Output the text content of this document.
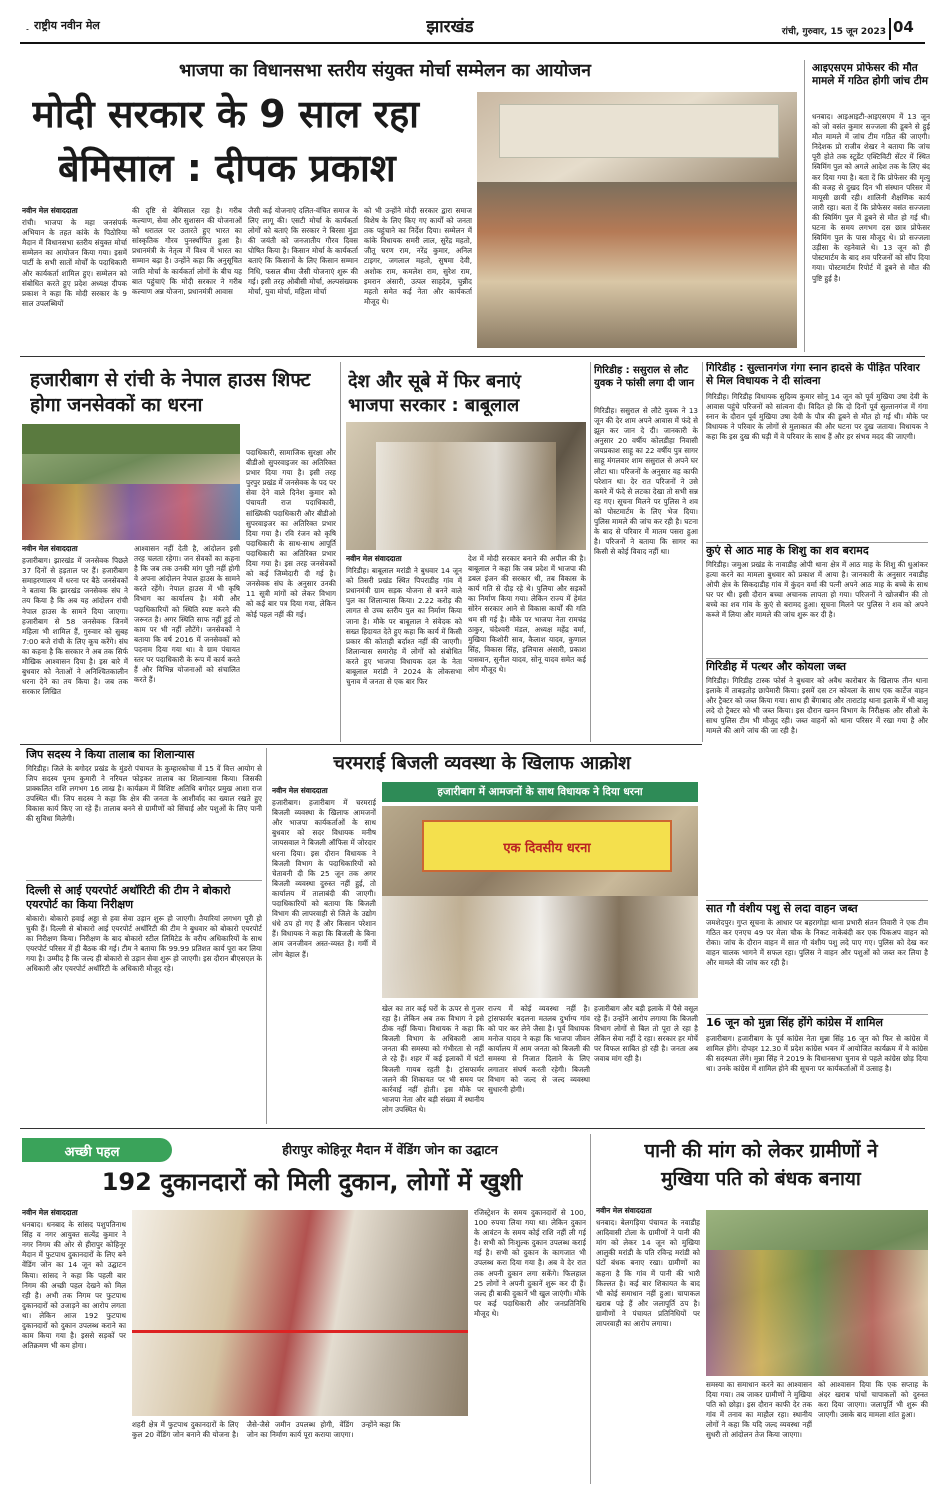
राष्ट्रीय नवीन मेल	झारखंड	रांची, गुरुवार, 15 जून 2023 04
भाजपा का विधानसभा स्तरीय संयुक्त मोर्चा सम्मेलन का आयोजन
मोदी सरकार के 9 साल रहा
बेमिसाल : दीपक प्रकाश
नवीन मेल संवाददाता
रांची। भाजपा के महा जनसंपर्क अभियान के तहत कांके के पिठोरिया मैदान में विधानसभा स्तरीय संयुक्त मोर्चा सम्मेलन का आयोजन किया गया। इसमें पार्टी के सभी सातों मोर्चों के पदाधिकारी और कार्यकर्ता शामिल हुए। सम्मेलन को संबोधित करते हुए प्रदेश अध्यक्ष दीपक प्रकाश ने कहा कि मोदी सरकार के 9 साल उपलब्धियों
की दृष्टि से बेमिसाल रहा है। गरीब कल्याण, सेवा और सुशासन की योजनाओं को धरातल पर उतारते हुए भारत का सांस्कृतिक गौरव पुनर्स्थापित हुआ है। प्रधानमंत्री के नेतृत्व में विश्व में भारत का सम्मान बढ़ा है। उन्होंने कहा कि अनुसूचित जाति मोर्चा के कार्यकर्ता लोगों के बीच यह बात पहुंचाएं कि मोदी सरकार ने गरीब कल्याण अन्न योजना, प्रधानमंत्री आवास
जैसी कई योजनाएं दलित-वंचित समाज के लिए लागू की। एसटी मोर्चा के कार्यकर्ता लोगों को बताएं कि सरकार ने बिरसा मुंडा की जयंती को जनजातीय गौरव दिवस घोषित किया है। किसान मोर्चा के कार्यकर्ता बताएं कि किसानों के लिए किसान सम्मान निधि, फसल बीमा जैसी योजनाएं शुरू की गई। इसी तरह ओबीसी मोर्चा, अल्पसंख्यक मोर्चा, युवा मोर्चा, महिला मोर्चा
को भी उन्होंने मोदी सरकार द्वारा समाज विशेष के लिए किए गए कार्यों को जनता तक पहुंचाने का निर्देश दिया। सम्मेलन में कांके विधायक समरी लाल, सुरेंद्र महतो, जीतू चरण राम, नरेंद्र कुमार, अनिल टाइगर, जगलाल महतो, सुषमा देवी, अशोक राम, कमलेश राम, सुरेश राम, इमरान अंसारी, उत्पल साहदेव, चुन्नीद महतो समेत कई नेता और कार्यकर्ता मौजूद थे।
आइएसएम प्रोफेसर की मौत मामले में गठित होगी जांच टीम
धनबाद। आइआइटी-आइएसएम में 13 जून को जो वसंत कुमार सज्जला की डूबने से हुई मौत मामले में जांच टीम गठित की जाएगी। निदेशक प्रो राजीव शेखर ने बताया कि जांच पूरी होते तक स्टूडेंट एक्टिविटी सेंटर में स्थित स्विमिंग पुल को अगले आदेश तक के लिए बंद कर दिया गया है। बता दें कि प्रोफेसर की मृत्यु की वजह से दुखद दिन भी संस्थान परिसर में मायूसी छायी रही। शालिनी शैक्षणिक कार्य जारी रहा। बता दें कि प्रोफेसर वसंत सज्जला की स्विमिंग पुल में डूबने से मौत हो गई थी। घटना के समय लगभग दस छात्र प्रोफेसर स्विमिंग पुल के पास मौजूद थे। प्रो सज्जला उड़ीसा के रहनेवाले थे। 13 जून को ही पोस्टमार्टम के बाद शव परिजनों को सौंप दिया गया। पोस्टमार्टम रिपोर्ट में डूबने से मौत की पुष्टि हुई है।
हजारीबाग से रांची के नेपाल हाउस शिफ्ट होगा जनसेवकों का धरना
नवीन मेल संवाददाता
हजारीबाग। झारखंड में जनसेवक पिछले 37 दिनों से हड़ताल पर हैं। हजारीबाग समाहरणालय में धरना पर बैठे जनसेवकों ने बताया कि झारखंड जनसेवक संघ ने तय किया है कि अब यह आंदोलन रांची नेपाल हाउस के सामने दिया जाएगा। हजारीबाग से 58 जनसेवक जिनमें महिला भी शामिल हैं, गुरुवार को सुबह 7:00 बजे रांची के लिए कूच करेंगे। संघ का कहना है कि सरकार ने अब तक सिर्फ मौखिक आश्वासन दिया है। इस बारे में बुधवार को नेताओं ने अनिश्चितकालीन धरना देने का तय किया है। जब तक सरकार लिखित
आश्वासन नहीं देती है, आंदोलन इसी तरह चलता रहेगा। जन सेवकों का कहना है कि जब तक उनकी मांग पूरी नहीं होगी वे अपना आंदोलन नेपाल हाउस के सामने करते रहेंगे। नेपाल हाउस में भी कृषि विभाग का कार्यालय है। मंत्री और पदाधिकारियों को स्थिति स्पष्ट करने की जरूरत है। अगर स्थिति साफ नहीं हुई तो काम पर भी नहीं लौटेंगे। जनसेवकों ने बताया कि वर्ष 2016 में जनसेवकों को पदनाम दिया गया था। वे ग्राम पंचायत स्तर पर पदाधिकारी के रूप में कार्य करते हैं और विभिन्न योजनाओं को संचालित करते हैं।
पदाधिकारी, सामाजिक सुरक्षा और बीडीओ सुपरवाइजर का अतिरिक्त प्रभार दिया गया है। इसी तरह पुरपुर प्रखंड में जनसेवक के पद पर सेवा देने वाले दिनेश कुमार को पंचायती राज पदाधिकारी, सांख्यिकी पदाधिकारी और बीडीओ सुपरवाइजर का अतिरिक्त प्रभार दिया गया है। रवि रंजन को कृषि पदाधिकारी के साथ-साथ आपूर्ति पदाधिकारी का अतिरिक्त प्रभार दिया गया है। इस तरह जनसेवकों को कई जिम्मेदारी दी गई है। जनसेवक संघ के अनुसार उनकी 11 सूत्री मांगों को लेकर विभाग को कई बार पत्र दिया गया, लेकिन कोई पहल नहीं की गई।
देश और सूबे में फिर बनाएं
भाजपा सरकार : बाबूलाल
नवीन मेल संवाददाता
गिरिडीह। बाबूलाल मरांडी ने बुधवार 14 जून को तिसरी प्रखंड स्थित पिपराडीह गांव में प्रधानमंत्री ग्राम सड़क योजना से बनने वाले पुल का शिलान्यास किया। 2.22 करोड़ की लागत से उच्च स्तरीय पुल का निर्माण किया जाना है। मौके पर बाबूलाल ने संवेदक को सख्त हिदायत देते हुए कहा कि कार्य में किसी प्रकार की कोताही बर्दाश्त नहीं की जाएगी। शिलान्यास समारोह में लोगों को संबोधित करते हुए भाजपा विधायक दल के नेता बाबूलाल मरांडी ने 2024 के लोकसभा चुनाव में जनता से एक बार फिर
देश में मोदी सरकार बनाने की अपील की है। बाबूलाल ने कहा कि जब प्रदेश में भाजपा की डबल इंजन की सरकार थी, तब विकास के कार्य गति से दौड़ रहे थे। पुलिया और सड़कों का निर्माण किया गया। लेकिन राज्य में हेमंत सोरेन सरकार आने से विकास कार्यों की गति थम सी गई है। मौके पर भाजपा नेता रामचंद्र ठाकुर, चंदेश्वरी मंडल, अध्यक्ष महेंद्र वर्मा, मुखिया किशोरी साव, कैलाश यादव, कुणाल सिंह, विकास सिंह, इलियास अंसारी, प्रकाश पासवान, सुनील यादव, सोनू यादव समेत कई लोग मौजूद थे।
गिरिडीह : ससुराल से लौट युवक ने फांसी लगा दी जान
गिरिडीह। ससुराल से लौटे युवक ने 13 जून की देर शाम अपने आवास में फंदे से झूल कर जान दे दी। जानकारी के अनुसार 20 वर्षीय कोलडीहा निवासी जयप्रकाश साहू का 22 वर्षीय पुत्र सागर साहू मंगलवार शाम ससुराल से अपने घर लौटा था। परिजनों के अनुसार वह काफी परेशान था। देर रात परिजनों ने उसे कमरे में फंदे से लटका देखा तो सभी सन्न रह गए। सूचना मिलने पर पुलिस ने शव को पोस्टमार्टम के लिए भेज दिया। पुलिस मामले की जांच कर रही है। घटना के बाद से परिवार में मातम पसरा हुआ है। परिजनों ने बताया कि सागर का किसी से कोई विवाद नहीं था।
गिरिडीह : सुल्तानगंज गंगा स्नान हादसे के पीड़ित परिवार से मिल विधायक ने दी सांत्वना
गिरिडीह। गिरिडीह विधायक सुदिव्य कुमार सोनू 14 जून को पूर्व मुखिया उषा देवी के आवास पहुंचे परिजनों को सांत्वना दी। विदित हो कि दो दिनों पूर्व सुल्तानगंज में गंगा स्नान के दौरान पूर्व मुखिया उषा देवी के पौत्र की डूबने से मौत हो गई थी। मौके पर विधायक ने परिवार के लोगों से मुलाकात की और घटना पर दुख जताया। विधायक ने कहा कि इस दुख की घड़ी में वे परिवार के साथ हैं और हर संभव मदद की जाएगी।
कुएं से आठ माह के शिशु का शव बरामद
गिरिडीह। जमुआ प्रखंड के नावाडीह ओपी थाना क्षेत्र में आठ माह के शिशु की धुआंकर हत्या करने का मामला बुधवार को प्रकाश में आया है। जानकारी के अनुसार नवाडीह ओपी क्षेत्र के सिकदाडीह गांव में कुंदन वर्मा की पत्नी अपने आठ माह के बच्चे के साथ घर पर थी। इसी दौरान बच्चा अचानक लापता हो गया। परिजनों ने खोजबीन की तो बच्चे का शव गांव के कुएं से बरामद हुआ। सूचना मिलने पर पुलिस ने शव को अपने कब्जे में लिया और मामले की जांच शुरू कर दी है।
गिरिडीह में पत्थर और कोयला जब्त
गिरिडीह। गिरिडीह टास्क फोर्स ने बुधवार को अवैध कारोबार के खिलाफ तीन थाना इलाके में ताबड़तोड़ छापेमारी किया। इसमें दस टन कोयला के साथ एक कार्टेज वाहन और ट्रैक्टर को जब्त किया गया। साथ ही बेंगाबाद और ताराटांड़ थाना इलाके में भी बालू लदे दो ट्रैक्टर को भी जब्त किया। इस दौरान खनन विभाग के निरीक्षक और सीओ के साथ पुलिस टीम भी मौजूद रही। जब्त वाहनों को थाना परिसर में रखा गया है और मामले की आगे जांच की जा रही है।
सात गौ वंशीय पशु से लदा वाहन जब्त
जमशेदपुर। गुप्त सूचना के आधार पर बहरागोड़ा थाना प्रभारी संतन तिवारी ने एक टीम गठित कर एनएच 49 पर मेला चौक के निकट नाकेबंदी कर एक पिकअप वाहन को रोका। जांच के दौरान वाहन में सात गौ वंशीय पशु लदे पाए गए। पुलिस को देख कर वाहन चालक भागने में सफल रहा। पुलिस ने वाहन और पशुओं को जब्त कर लिया है और मामले की जांच कर रही है।
16 जून को मुन्ना सिंह होंगे कांग्रेस में शामिल
हजारीबाग। हजारीबाग के पूर्व कांग्रेस नेता मुन्ना सिंह 16 जून को फिर से कांग्रेस में शामिल होंगे। दोपहर 12.30 में प्रदेश कांग्रेस भवन में आयोजित कार्यक्रम में वे कांग्रेस की सदस्यता लेंगे। मुन्ना सिंह ने 2019 के विधानसभा चुनाव से पहले कांग्रेस छोड़ दिया था। उनके कांग्रेस में शामिल होने की सूचना पर कार्यकर्ताओं में उत्साह है।
जिप सदस्य ने किया तालाब का शिलान्यास
गिरिडीह। जिले के बगोदर प्रखंड के मुंडरो पंचायत के कुम्हारकोचा में 15 वें वित्त आयोग से जिप सदस्य पूनम कुमारी ने नरियल फोड़कर तालाब का शिलान्यास किया। जिसकी प्राक्कलित राशि लगभग 16 लाख है। कार्यक्रम में विशिष्ट अतिथि बगोदर प्रमुख आशा राज उपस्थित थीं। जिप सदस्य ने कहा कि क्षेत्र की जनता के आशीर्वाद का ख्याल रखते हुए विकास कार्य किए जा रहे हैं। तालाब बनने से ग्रामीणों को सिंचाई और पशुओं के लिए पानी की सुविधा मिलेगी।
दिल्ली से आई एयरपोर्ट अथॉरिटी की टीम ने बोकारो एयरपोर्ट का किया निरीक्षण
बोकारो। बोकारो हवाई अड्डा से हवा सेवा उड़ान शुरू हो जाएगी। तैयारियां लगभग पूरी हो चुकी हैं। दिल्ली से बोकारो आई एयरपोर्ट अथॉरिटी की टीम ने बुधवार को बोकारो एयरपोर्ट का निरीक्षण किया। निरीक्षण के बाद बोकारो स्टील लिमिटेड के वरीय अधिकारियों के साथ एयरपोर्ट परिसर में ही बैठक की गई। टीम ने बताया कि 99.99 प्रतिशत कार्य पूरा कर लिया गया है। उम्मीद है कि जल्द ही बोकारो से उड़ान सेवा शुरू हो जाएगी। इस दौरान बीएसएल के अधिकारी और एयरपोर्ट अथॉरिटी के अधिकारी मौजूद रहे।
चरमराई बिजली व्यवस्था के खिलाफ आक्रोश
हजारीबाग में आमजनों के साथ विधायक ने दिया धरना
नवीन मेल संवाददाता
हजारीबाग। हजारीबाग में चरमराई बिजली व्यवस्था के खिलाफ आमजनों और भाजपा कार्यकर्ताओं के साथ बुधवार को सदर विधायक मनीष जायसवाल ने बिजली ऑफिस में जोरदार धरना दिया। इस दौरान विधायक ने बिजली विभाग के पदाधिकारियों को चेतावनी दी कि 25 जून तक अगर बिजली व्यवस्था दुरुस्त नहीं हुई, तो कार्यालय में तालाबंदी की जाएगी। पदाधिकारियों को बताया कि बिजली विभाग की लापरवाही से जिले के उद्योग धंधे ठप हो गए हैं और किसान परेशान हैं। विधायक ने कहा कि बिजली के बिना आम जनजीवन अस्त-व्यस्त है। गर्मी में लोग बेहाल हैं।
एक दिवसीय धरना
खेल का तार कई घरों के ऊपर से गुजर रहा है। लेकिन अब तक विभाग ने इसे ठीक नहीं किया। विधायक ने कहा कि बिजली विभाग के अधिकारी आम जनता की समस्या को गंभीरता से नहीं ले रहे हैं। शहर में कई इलाकों में घंटों बिजली गायब रहती है। ट्रांसफार्मर जलने की शिकायत पर भी समय पर कार्रवाई नहीं होती। इस मौके पर भाजपा नेता और बड़ी संख्या में स्थानीय लोग उपस्थित थे।
राज्य में कोई व्यवस्था नहीं है। ट्रांसफार्मर बदलना मतलब दुर्भाग्य गांव को पार कर लेने जैसा है। पूर्व विधायक मनोज यादव ने कहा कि भाजपा जीवन कार्यालय में आम जनता को बिजली की समस्या से निजात दिलाने के लिए लगातार संघर्ष करती रहेगी। बिजली विभाग को जल्द से जल्द व्यवस्था सुधारनी होगी।
हजारीबाग और बड़ी इलाके में पैसे वसूल रहे हैं। उन्होंने आरोप लगाया कि बिजली विभाग लोगों से बिल तो पूरा ले रहा है लेकिन सेवा नहीं दे रहा। सरकार हर मोर्चे पर विफल साबित हो रही है। जनता अब जवाब मांग रही है।
अच्छी पहल	हीरापुर कोहिनूर मैदान में वेंडिंग जोन का उद्घाटन
192 दुकानदारों को मिली दुकान, लोगों में खुशी
नवीन मेल संवाददाता
धनबाद। धनबाद के सांसद पशुपतिनाथ सिंह व नगर आयुक्त सत्येंद्र कुमार ने नगर निगम की ओर से हीरापुर कोहिनूर मैदान में फुटपाथ दुकानदारों के लिए बने वेंडिंग जोन का 14 जून को उद्घाटन किया। सांसद ने कहा कि पहली बार निगम की अच्छी पहल देखने को मिल रही है। अभी तक निगम पर फुटपाथ दुकानदारों को उजाड़ने का आरोप लगता था। लेकिन आज 192 फुटपाथ दुकानदारों को दुकान उपलब्ध कराने का काम किया गया है। इससे सड़कों पर अतिक्रमण भी कम होगा।
शहरी क्षेत्र में फुटपाथ दुकानदारों के लिए कुल 20 वेंडिंग जोन बनाने की योजना है। जैसे-जैसे जमीन उपलब्ध होगी, वेंडिंग जोन का निर्माण कार्य पूरा कराया जाएगा। उन्होंने कहा कि
रजिस्ट्रेशन के समय दुकानदारों से 100, 100 रुपया लिया गया था। लेकिन दुकान के आवंटन के समय कोई राशि नहीं ली गई है। सभी को निःशुल्क दुकान उपलब्ध कराई गई है। सभी को दुकान के कागजात भी उपलब्ध करा दिया गया है। अब वे देर रात तक अपनी दुकान लगा सकेंगे। फिलहाल 25 लोगों ने अपनी दुकानें शुरू कर दी हैं। जल्द ही बाकी दुकानें भी खुल जाएंगी। मौके पर कई पदाधिकारी और जनप्रतिनिधि मौजूद थे।
पानी की मांग को लेकर ग्रामीणों ने
मुखिया पति को बंधक बनाया
नवीन मेल संवाददाता
धनबाद। बेलगड़िया पंचायत के नवाडीह आदिवासी टोला के ग्रामीणों ने पानी की मांग को लेकर 14 जून को मुखिया आलुकी मरांडी के पति रविन्द्र मरांडी को घंटों बंधक बनाए रखा। ग्रामीणों का कहना है कि गांव में पानी की भारी किल्लत है। कई बार शिकायत के बाद भी कोई समाधान नहीं हुआ। चापाकल खराब पड़े हैं और जलापूर्ति ठप है। ग्रामीणों ने पंचायत प्रतिनिधियों पर लापरवाही का आरोप लगाया।
समस्या का समाधान करने का आश्वासन दिया गया। तब जाकर ग्रामीणों ने मुखिया पति को छोड़ा। इस दौरान काफी देर तक गांव में तनाव का माहौल रहा। स्थानीय लोगों ने कहा कि यदि जल्द व्यवस्था नहीं सुधरी तो आंदोलन तेज किया जाएगा।
को आश्वासन दिया कि एक सप्ताह के अंदर खराब पांचों चापाकलों को दुरुस्त करा दिया जाएगा। जलापूर्ति भी शुरू की जाएगी। उसके बाद मामला शांत हुआ।
